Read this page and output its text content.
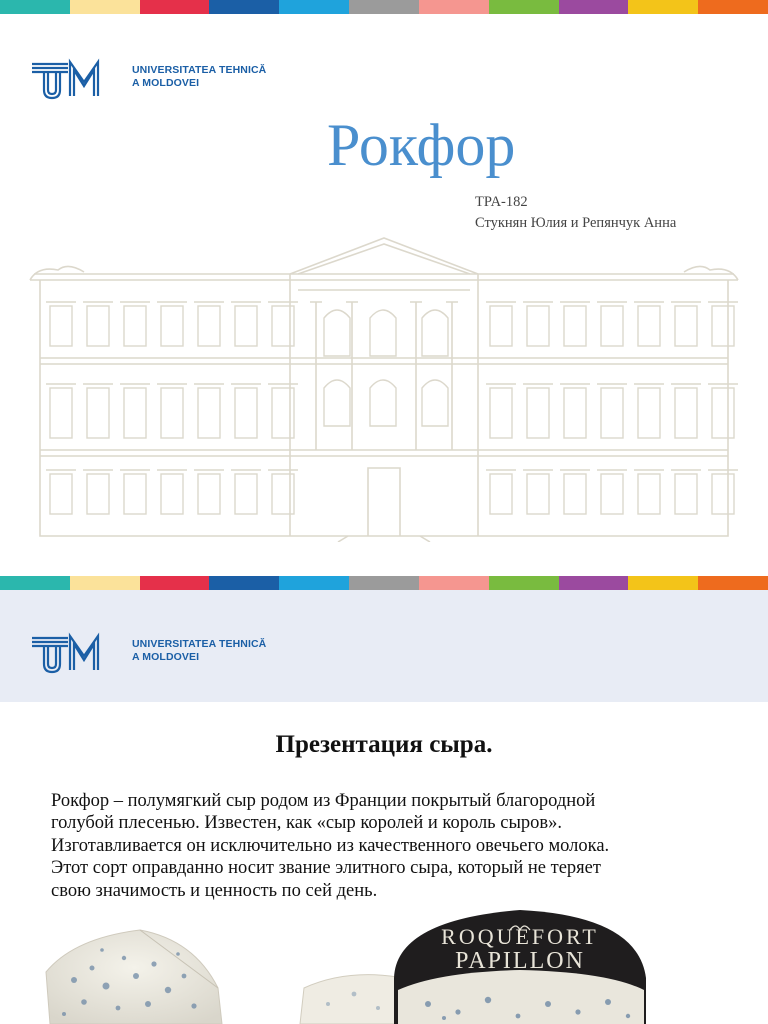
UNIVERSITATEA TEHNICĂ
A MOLDOVEI
Рокфор
TPA-182
Стукнян Юлия и Репянчук Анна
UNIVERSITATEA TEHNICĂ
A MOLDOVEI
Презентация сыра.
Рокфор – полумягкий сыр родом из Франции покрытый благородной
голубой плесенью. Известен, как «сыр королей и король сыров».
Изготавливается он исключительно из качественного овечьего молока.
Этот сорт оправданно носит звание элитного сыра, который не теряет
свою значимость и ценность по сей день.
ROQUEFORT
PAPILLON
